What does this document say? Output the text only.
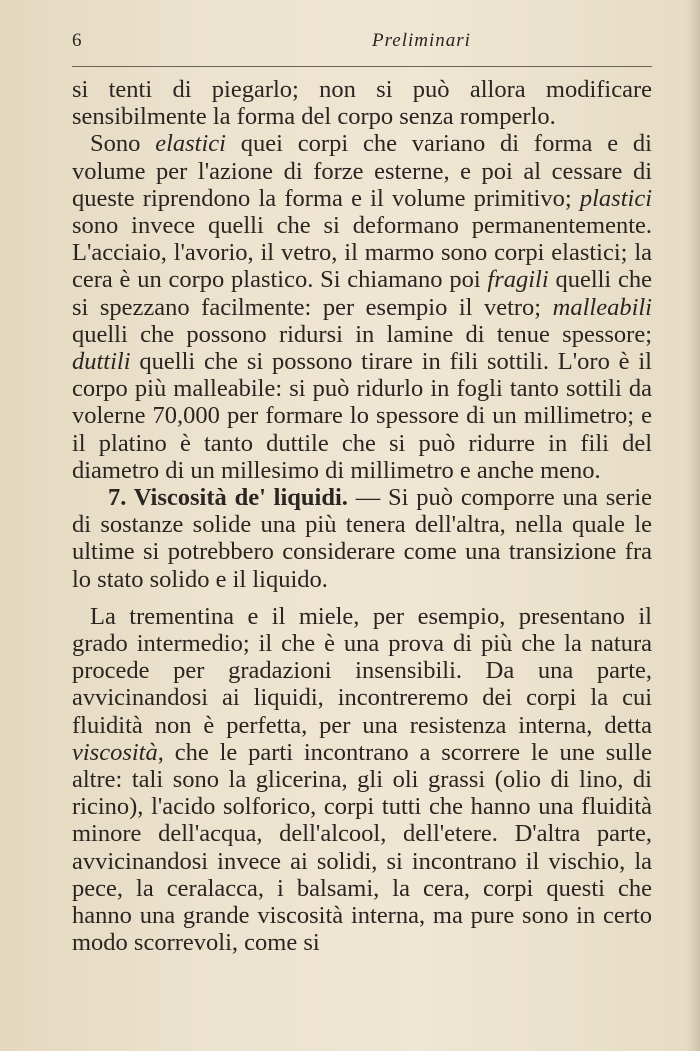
6	Preliminari

si tenti di piegarlo; non si può allora modificare sensibilmente la forma del corpo senza romperlo.

Sono elastici quei corpi che variano di forma e di volume per l'azione di forze esterne, e poi al cessare di queste riprendono la forma e il volume primitivo; plastici sono invece quelli che si deformano permanentemente. L'acciaio, l'avorio, il vetro, il marmo sono corpi elastici; la cera è un corpo plastico. Si chiamano poi fragili quelli che si spezzano facilmente: per esempio il vetro; malleabili quelli che possono ridursi in lamine di tenue spessore; duttili quelli che si possono tirare in fili sottili. L'oro è il corpo più malleabile: si può ridurlo in fogli tanto sottili da volerne 70,000 per formare lo spessore di un millimetro; e il platino è tanto duttile che si può ridurre in fili del diametro di un millesimo di millimetro e anche meno.

7. Viscosità de' liquidi. — Si può comporre una serie di sostanze solide una più tenera dell'altra, nella quale le ultime si potrebbero considerare come una transizione fra lo stato solido e il liquido.

La trementina e il miele, per esempio, presentano il grado intermedio; il che è una prova di più che la natura procede per gradazioni insensibili. Da una parte, avvicinandosi ai liquidi, incontreremo dei corpi la cui fluidità non è perfetta, per una resistenza interna, detta viscosità, che le parti incontrano a scorrere le une sulle altre: tali sono la glicerina, gli oli grassi (olio di lino, di ricino), l'acido solforico, corpi tutti che hanno una fluidità minore dell'acqua, dell'alcool, dell'etere. D'altra parte, avvicinandosi invece ai solidi, si incontrano il vischio, la pece, la ceralacca, i balsami, la cera, corpi questi che hanno una grande viscosità interna, ma pure sono in certo modo scorrevoli, come si
